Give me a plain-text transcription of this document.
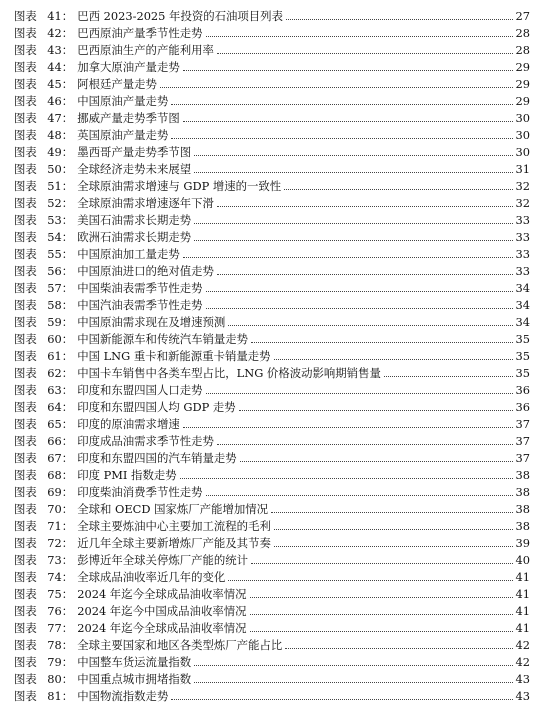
图表 41 ： 巴西 2023-2025 年投资的石油项目列表	27
图表 42 ： 巴西原油产量季节性走势	28
图表 43 ： 巴西原油生产的产能利用率	28
图表 44 ： 加拿大原油产量走势	29
图表 45 ： 阿根廷产量走势	29
图表 46 ： 中国原油产量走势	29
图表 47 ： 挪威产量走势季节图	30
图表 48 ： 英国原油产量走势	30
图表 49 ： 墨西哥产量走势季节图	30
图表 50 ： 全球经济走势未来展望	31
图表 51 ： 全球原油需求增速与 GDP 增速的一致性	32
图表 52 ： 全球原油需求增速逐年下滑	32
图表 53 ： 美国石油需求长期走势	33
图表 54 ： 欧洲石油需求长期走势	33
图表 55 ： 中国原油加工量走势	33
图表 56 ： 中国原油进口的绝对值走势	33
图表 57 ： 中国柴油表需季节性走势	34
图表 58 ： 中国汽油表需季节性走势	34
图表 59 ： 中国原油需求现在及增速预测	34
图表 60 ： 中国新能源车和传统汽车销量走势	35
图表 61 ： 中国 LNG 重卡和新能源重卡销量走势	35
图表 62 ： 中国卡车销售中各类车型占比，LNG 价格波动影响期销售量	35
图表 63 ： 印度和东盟四国人口走势	36
图表 64 ： 印度和东盟四国人均 GDP 走势	36
图表 65 ： 印度的原油需求增速	37
图表 66 ： 印度成品油需求季节性走势	37
图表 67 ： 印度和东盟四国的汽车销量走势	37
图表 68 ： 印度 PMI 指数走势	38
图表 69 ： 印度柴油消费季节性走势	38
图表 70 ： 全球和 OECD 国家炼厂产能增加情况	38
图表 71 ： 全球主要炼油中心主要加工流程的毛利	38
图表 72 ： 近几年全球主要新增炼厂产能及其节奏	39
图表 73 ： 彭博近年全球关停炼厂产能的统计	40
图表 74 ： 全球成品油收率近几年的变化	41
图表 75 ： 2024 年迄今全球成品油收率情况	41
图表 76 ： 2024 年迄今中国成品油收率情况	41
图表 77 ： 2024 年迄今全球成品油收率情况	41
图表 78 ： 全球主要国家和地区各类型炼厂产能占比	42
图表 79 ： 中国整车货运流量指数	42
图表 80 ： 中国重点城市拥堵指数	43
图表 81 ： 中国物流指数走势	43
